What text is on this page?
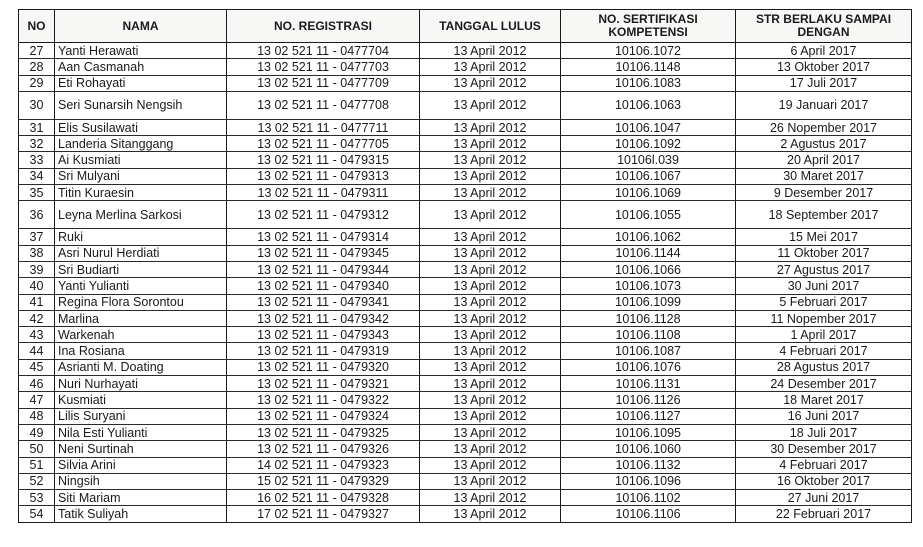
NO	NAMA	NO. REGISTRASI	TANGGAL LULUS	NO. SERTIFIKASI KOMPETENSI	STR BERLAKU SAMPAI DENGAN
27	Yanti Herawati	13 02 521 11 - 0477704	13 April 2012	10106.1072	6 April 2017
28	Aan Casmanah	13 02 521 11 - 0477703	13 April 2012	10106.1148	13 Oktober 2017
29	Eti Rohayati	13 02 521 11 - 0477709	13 April 2012	10106.1083	17 Juli 2017
30	Seri Sunarsih Nengsih	13 02 521 11 - 0477708	13 April 2012	10106.1063	19 Januari 2017
31	Elis Susilawati	13 02 521 11 - 0477711	13 April 2012	10106.1047	26 Nopember 2017
32	Landeria Sitanggang	13 02 521 11 - 0477705	13 April 2012	10106.1092	2 Agustus 2017
33	Ai Kusmiati	13 02 521 11 - 0479315	13 April 2012	10106l.039	20 April 2017
34	Sri Mulyani	13 02 521 11 - 0479313	13 April 2012	10106.1067	30 Maret 2017
35	Titin Kuraesin	13 02 521 11 - 0479311	13 April 2012	10106.1069	9 Desember 2017
36	Leyna Merlina Sarkosi	13 02 521 11 - 0479312	13 April 2012	10106.1055	18 September 2017
37	Ruki	13 02 521 11 - 0479314	13 April 2012	10106.1062	15 Mei 2017
38	Asri Nurul Herdiati	13 02 521 11 - 0479345	13 April 2012	10106.1144	11 Oktober 2017
39	Sri Budiarti	13 02 521 11 - 0479344	13 April 2012	10106.1066	27 Agustus 2017
40	Yanti Yulianti	13 02 521 11 - 0479340	13 April 2012	10106.1073	30 Juni 2017
41	Regina Flora Sorontou	13 02 521 11 - 0479341	13 April 2012	10106.1099	5 Februari 2017
42	Marlina	13 02 521 11 - 0479342	13 April 2012	10106.1128	11 Nopember 2017
43	Warkenah	13 02 521 11 - 0479343	13 April 2012	10106.1108	1 April 2017
44	Ina Rosiana	13 02 521 11 - 0479319	13 April 2012	10106.1087	4 Februari 2017
45	Asrianti M. Doating	13 02 521 11 - 0479320	13 April 2012	10106.1076	28 Agustus 2017
46	Nuri Nurhayati	13 02 521 11 - 0479321	13 April 2012	10106.1131	24 Desember 2017
47	Kusmiati	13 02 521 11 - 0479322	13 April 2012	10106.1126	18 Maret 2017
48	Lilis Suryani	13 02 521 11 - 0479324	13 April 2012	10106.1127	16 Juni 2017
49	Nila Esti Yulianti	13 02 521 11 - 0479325	13 April 2012	10106.1095	18 Juli 2017
50	Neni Surtinah	13 02 521 11 - 0479326	13 April 2012	10106.1060	30 Desember 2017
51	Silvia Arini	14 02 521 11 - 0479323	13 April 2012	10106.1132	4 Februari 2017
52	Ningsih	15 02 521 11 - 0479329	13 April 2012	10106.1096	16 Oktober 2017
53	Siti Mariam	16 02 521 11 - 0479328	13 April 2012	10106.1102	27 Juni 2017
54	Tatik Suliyah	17 02 521 11 - 0479327	13 April 2012	10106.1106	22 Februari 2017
